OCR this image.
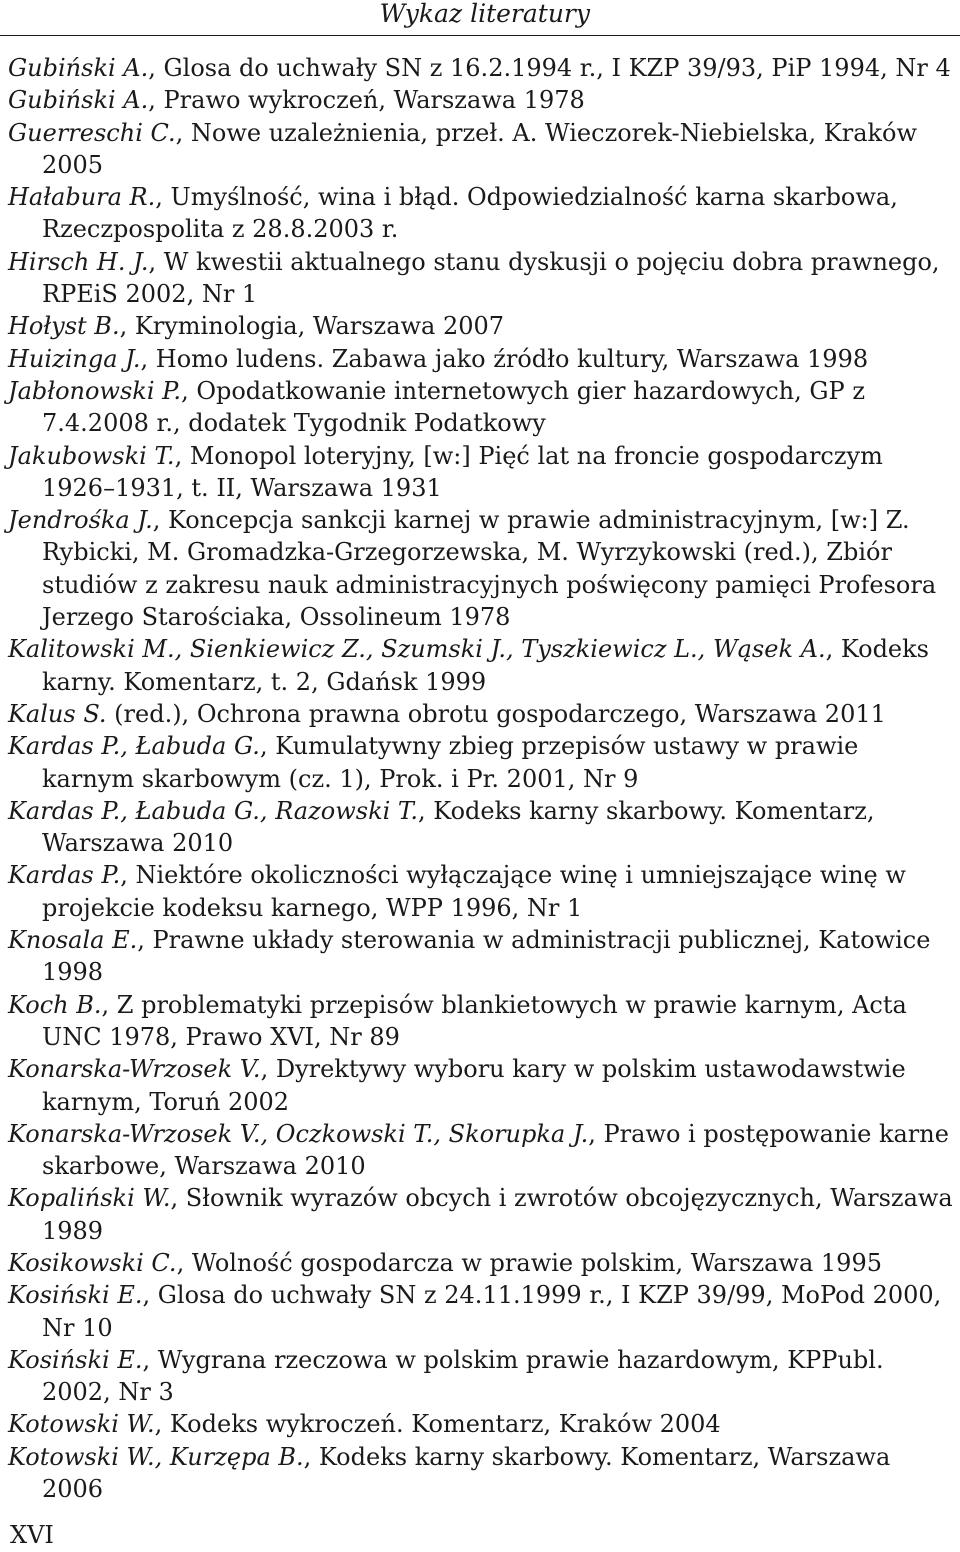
Wykaz literatury
Gubiński A., Glosa do uchwały SN z 16.2.1994 r., I KZP 39/93, PiP 1994, Nr 4
Gubiński A., Prawo wykroczeń, Warszawa 1978
Guerreschi C., Nowe uzależnienia, przeł. A. Wieczorek-Niebielska, Kraków 2005
Hałabura R., Umyślność, wina i błąd. Odpowiedzialność karna skarbowa, Rzeczpospolita z 28.8.2003 r.
Hirsch H. J., W kwestii aktualnego stanu dyskusji o pojęciu dobra prawnego, RPEiS 2002, Nr 1
Hołyst B., Kryminologia, Warszawa 2007
Huizinga J., Homo ludens. Zabawa jako źródło kultury, Warszawa 1998
Jabłonowski P., Opodatkowanie internetowych gier hazardowych, GP z 7.4.2008 r., dodatek Tygodnik Podatkowy
Jakubowski T., Monopol loteryjny, [w:] Pięć lat na froncie gospodarczym 1926–1931, t. II, Warszawa 1931
Jendrośka J., Koncepcja sankcji karnej w prawie administracyjnym, [w:] Z. Rybicki, M. Gromadzka-Grzegorzewska, M. Wyrzykowski (red.), Zbiór studiów z zakresu nauk administracyjnych poświęcony pamięci Profesora Jerzego Starościaka, Ossolineum 1978
Kalitowski M., Sienkiewicz Z., Szumski J., Tyszkiewicz L., Wąsek A., Kodeks karny. Komentarz, t. 2, Gdańsk 1999
Kalus S. (red.), Ochrona prawna obrotu gospodarczego, Warszawa 2011
Kardas P., Łabuda G., Kumulatywny zbieg przepisów ustawy w prawie karnym skarbowym (cz. 1), Prok. i Pr. 2001, Nr 9
Kardas P., Łabuda G., Razowski T., Kodeks karny skarbowy. Komentarz, Warszawa 2010
Kardas P., Niektóre okoliczności wyłączające winę i umniejszające winę w projekcie kodeksu karnego, WPP 1996, Nr 1
Knosala E., Prawne układy sterowania w administracji publicznej, Katowice 1998
Koch B., Z problematyki przepisów blankietowych w prawie karnym, Acta UNC 1978, Prawo XVI, Nr 89
Konarska-Wrzosek V., Dyrektywy wyboru kary w polskim ustawodawstwie karnym, Toruń 2002
Konarska-Wrzosek V., Oczkowski T., Skorupka J., Prawo i postępowanie karne skarbowe, Warszawa 2010
Kopaliński W., Słownik wyrazów obcych i zwrotów obcojęzycznych, Warszawa 1989
Kosikowski C., Wolność gospodarcza w prawie polskim, Warszawa 1995
Kosiński E., Glosa do uchwały SN z 24.11.1999 r., I KZP 39/99, MoPod 2000, Nr 10
Kosiński E., Wygrana rzeczowa w polskim prawie hazardowym, KPPubl. 2002, Nr 3
Kotowski W., Kodeks wykroczeń. Komentarz, Kraków 2004
Kotowski W., Kurzępa B., Kodeks karny skarbowy. Komentarz, Warszawa 2006
XVI
